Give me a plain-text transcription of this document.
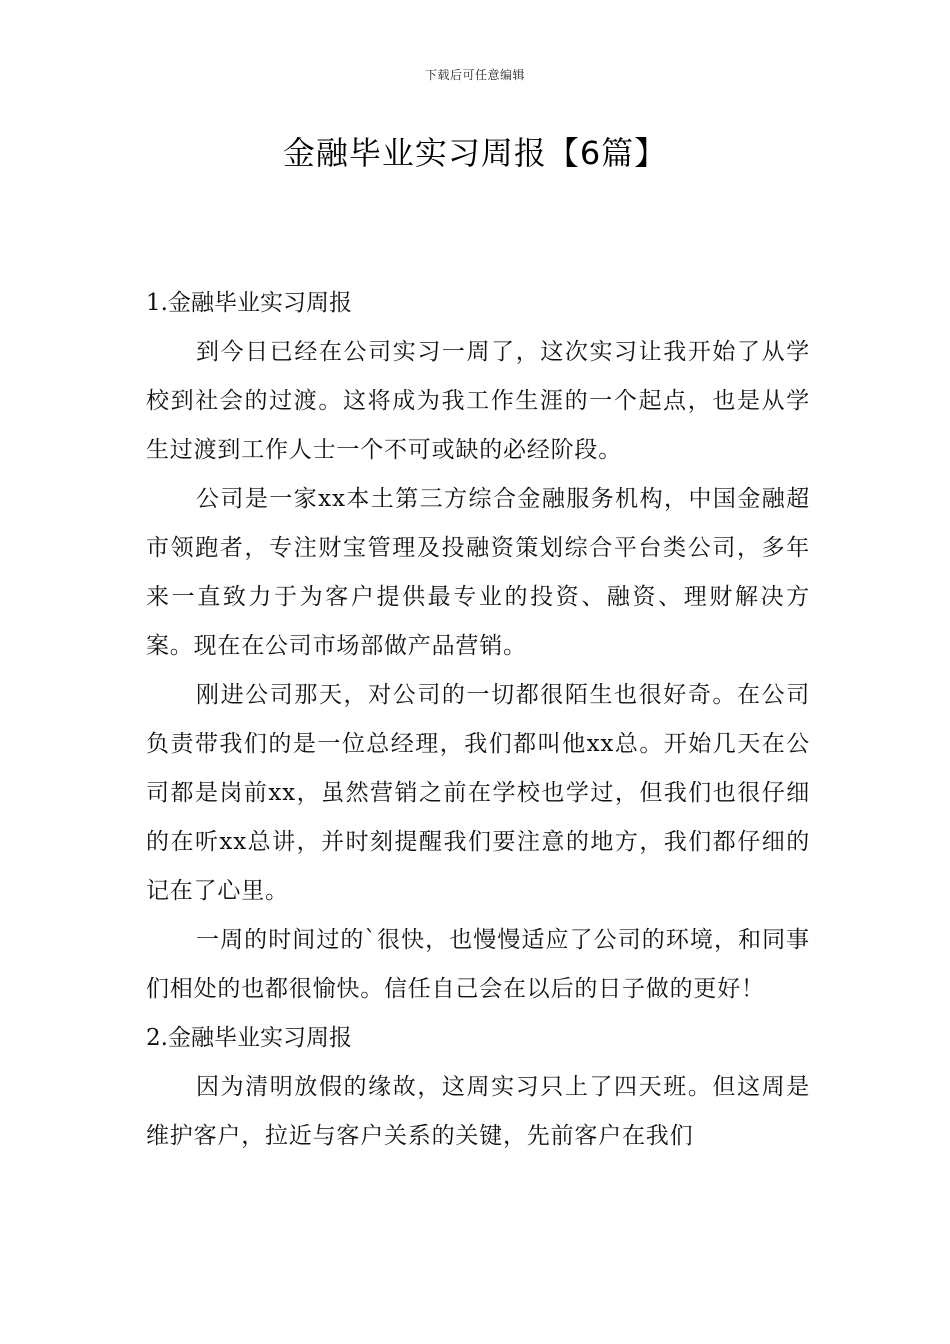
下载后可任意编辑
金融毕业实习周报【6篇】

1.金融毕业实习周报

到今日已经在公司实习一周了，这次实习让我开始了从学校到社会的过渡。这将成为我工作生涯的一个起点，也是从学生过渡到工作人士一个不可或缺的必经阶段。

公司是一家xx本土第三方综合金融服务机构，中国金融超市领跑者，专注财宝管理及投融资策划综合平台类公司，多年来一直致力于为客户提供最专业的投资、融资、理财解决方案。现在在公司市场部做产品营销。

刚进公司那天，对公司的一切都很陌生也很好奇。在公司负责带我们的是一位总经理，我们都叫他xx总。开始几天在公司都是岗前xx，虽然营销之前在学校也学过，但我们也很仔细的在听xx总讲，并时刻提醒我们要注意的地方，我们都仔细的记在了心里。

一周的时间过的`很快，也慢慢适应了公司的环境，和同事们相处的也都很愉快。信任自己会在以后的日子做的更好！

2.金融毕业实习周报

因为清明放假的缘故，这周实习只上了四天班。但这周是维护客户，拉近与客户关系的关键，先前客户在我们
